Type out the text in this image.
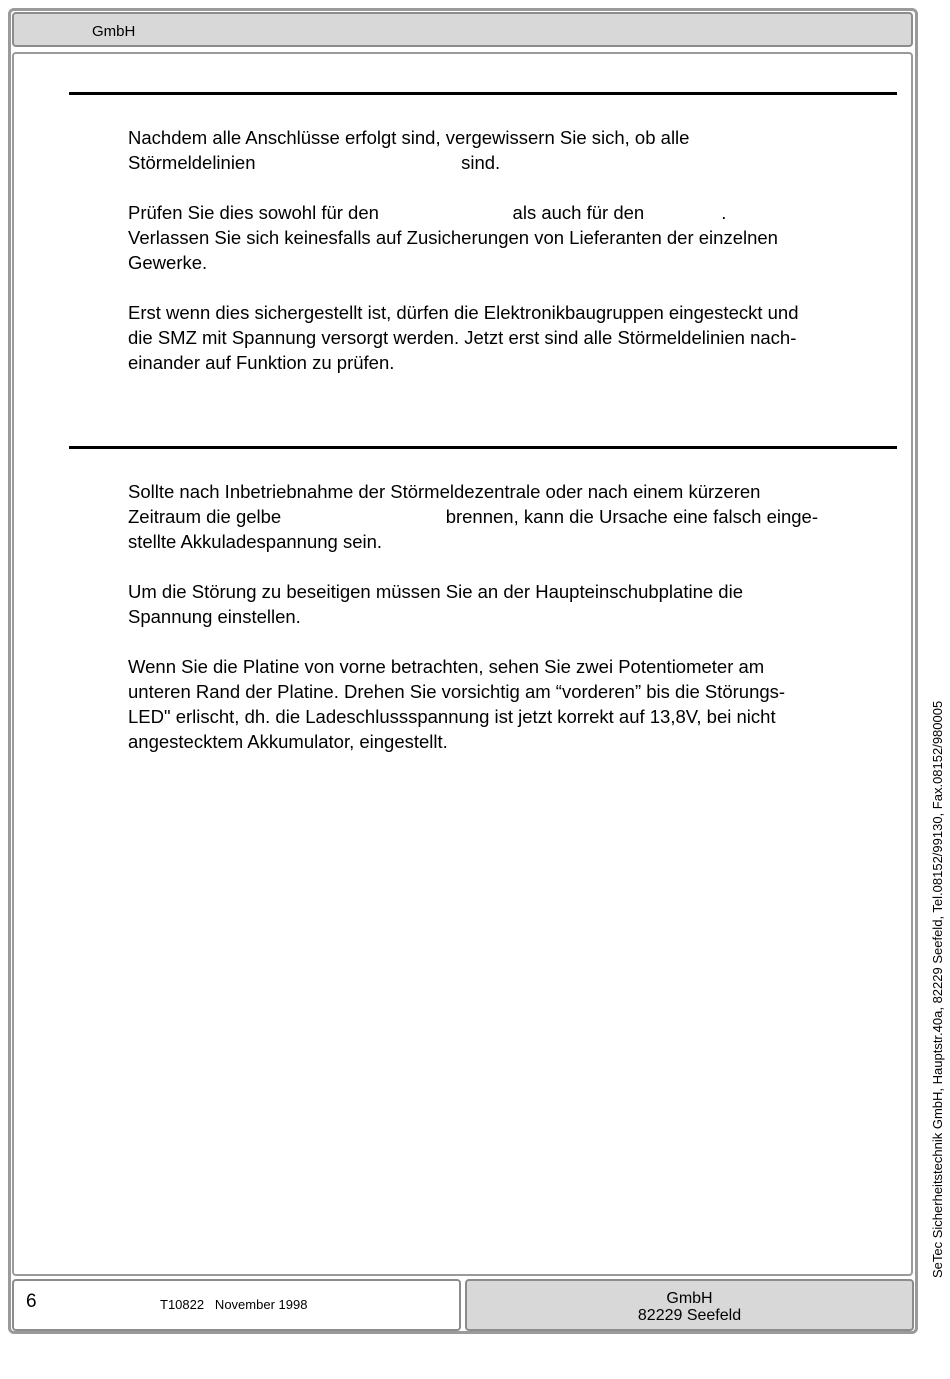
GmbH

Nachdem alle Anschlüsse erfolgt sind, vergewissern Sie sich, ob alle
Störmeldelinien                                        sind.

Prüfen Sie dies sowohl für den                          als auch für den               .
Verlassen Sie sich keinesfalls auf Zusicherungen von Lieferanten der einzelnen
Gewerke.

Erst wenn dies sichergestellt ist, dürfen die Elektronikbaugruppen eingesteckt und
die SMZ mit Spannung versorgt werden. Jetzt erst sind alle Störmeldelinien nach-
einander auf Funktion zu prüfen.

Sollte nach Inbetriebnahme der Störmeldezentrale oder nach einem kürzeren
Zeitraum die gelbe                                brennen, kann die Ursache eine falsch einge-
stellte Akkuladespannung sein.

Um die Störung zu beseitigen müssen Sie an der Haupteinschubplatine die
Spannung einstellen.

Wenn Sie die Platine von vorne betrachten, sehen Sie zwei Potentiometer am
unteren Rand der Platine. Drehen Sie vorsichtig am “vorderen” bis die Störungs-
LED" erlischt, dh. die Ladeschlussspannung ist jetzt korrekt auf 13,8V, bei nicht
angestecktem Akkumulator, eingestellt.

6	T10822   November 1998	GmbH
82229 Seefeld
SeTec Sicherheitstechnik GmbH, Hauptstr.40a, 82229 Seefeld, Tel.08152/99130, Fax.08152/980005
